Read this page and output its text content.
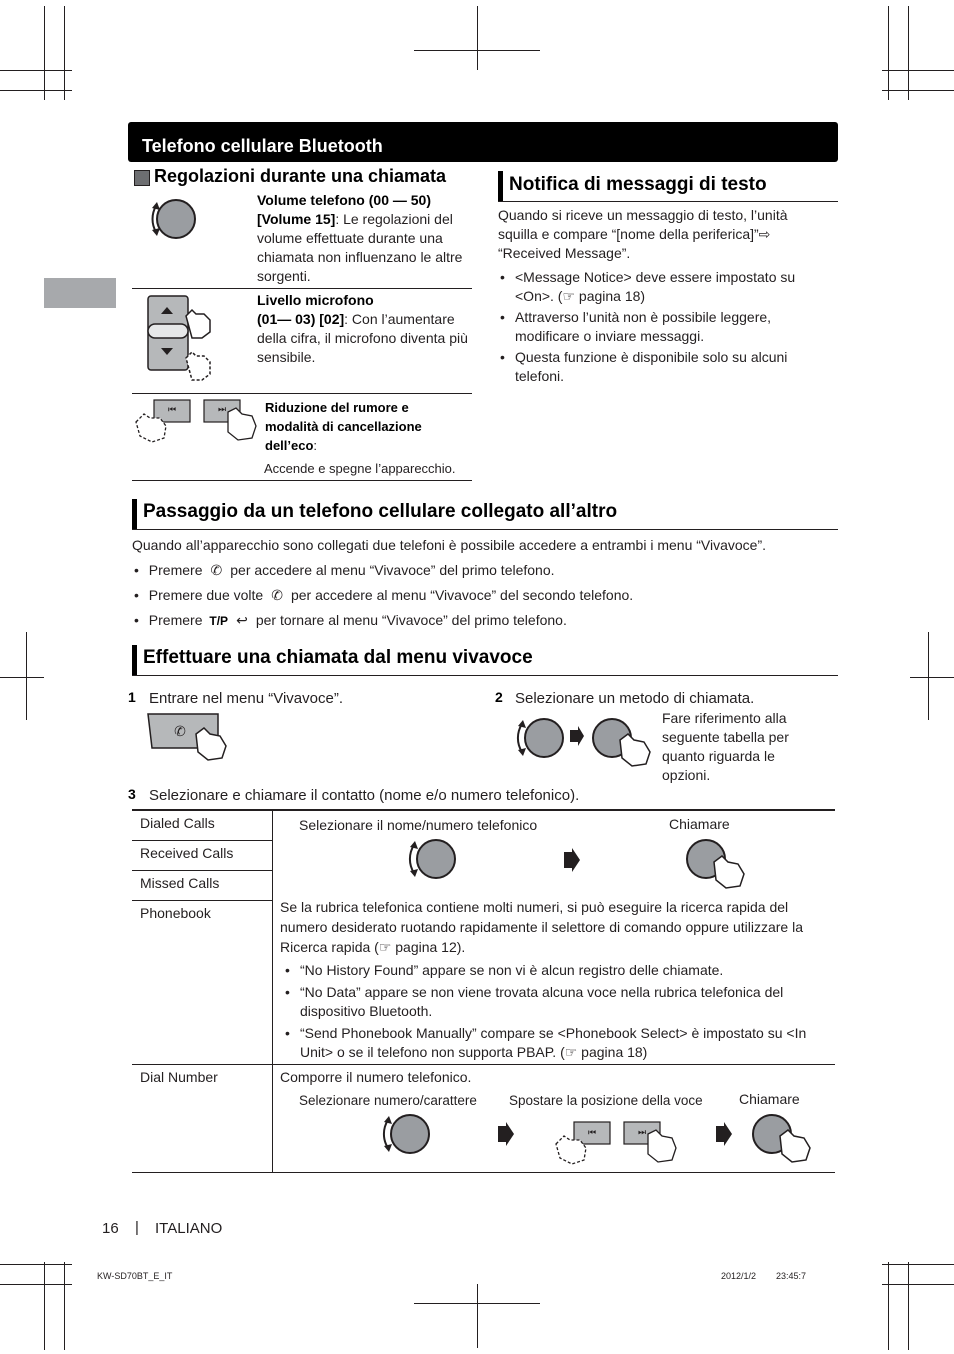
Telefono cellulare Bluetooth
Regolazioni durante una chiamata
Volume telefono (00 — 50)
[Volume 15]: Le regolazioni del volume effettuate durante una chiamata non influenzano le altre sorgenti.
Livello microfono
(01— 03) [02]: Con l’aumentare della cifra, il microfono diventa più sensibile.
⏮	⏭	Riduzione del rumore e modalità di cancellazione dell’eco:
Accende e spegne l’apparecchio.
Notifica di messaggi di testo
Quando si riceve un messaggio di testo, l’unità squilla e compare “[nome della periferica]”⇨ “Received Message”.
• <Message Notice> deve essere impostato su <On>. (☞ pagina 18)
• Attraverso l’unità non è possibile leggere, modificare o inviare messaggi.
• Questa funzione è disponibile solo su alcuni telefoni.
Passaggio da un telefono cellulare collegato all’altro
Quando all’apparecchio sono collegati due telefoni è possibile accedere a entrambi i menu “Vivavoce”.
• Premere ✆ per accedere al menu “Vivavoce” del primo telefono.
• Premere due volte ✆ per accedere al menu “Vivavoce” del secondo telefono.
• Premere T/P ↩ per tornare al menu “Vivavoce” del primo telefono.
Effettuare una chiamata dal menu vivavoce
1 Entrare nel menu “Vivavoce”.
✆
2 Selezionare un metodo di chiamata.
Fare riferimento alla seguente tabella per quanto riguarda le opzioni.
3 Selezionare e chiamare il contatto (nome e/o numero telefonico).
Dialed Calls
Received Calls
Missed Calls
Phonebook
Selezionare il nome/numero telefonico	Chiamare
Se la rubrica telefonica contiene molti numeri, si può eseguire la ricerca rapida del numero desiderato ruotando rapidamente il selettore di comando oppure utilizzare la Ricerca rapida (☞ pagina 12).
• “No History Found” appare se non vi è alcun registro delle chiamate.
• “No Data” appare se non viene trovata alcuna voce nella rubrica telefonica del dispositivo Bluetooth.
• “Send Phonebook Manually” compare se <Phonebook Select> è impostato su <In Unit> o se il telefono non supporta PBAP. (☞ pagina 18)
Dial Number	Comporre il numero telefonico.
Selezionare numero/carattere Spostare la posizione della voce	Chiamare
⏮	⏭
16 | ITALIANO
KW-SD70BT_E_IT	2012/1/2 23:45:7
